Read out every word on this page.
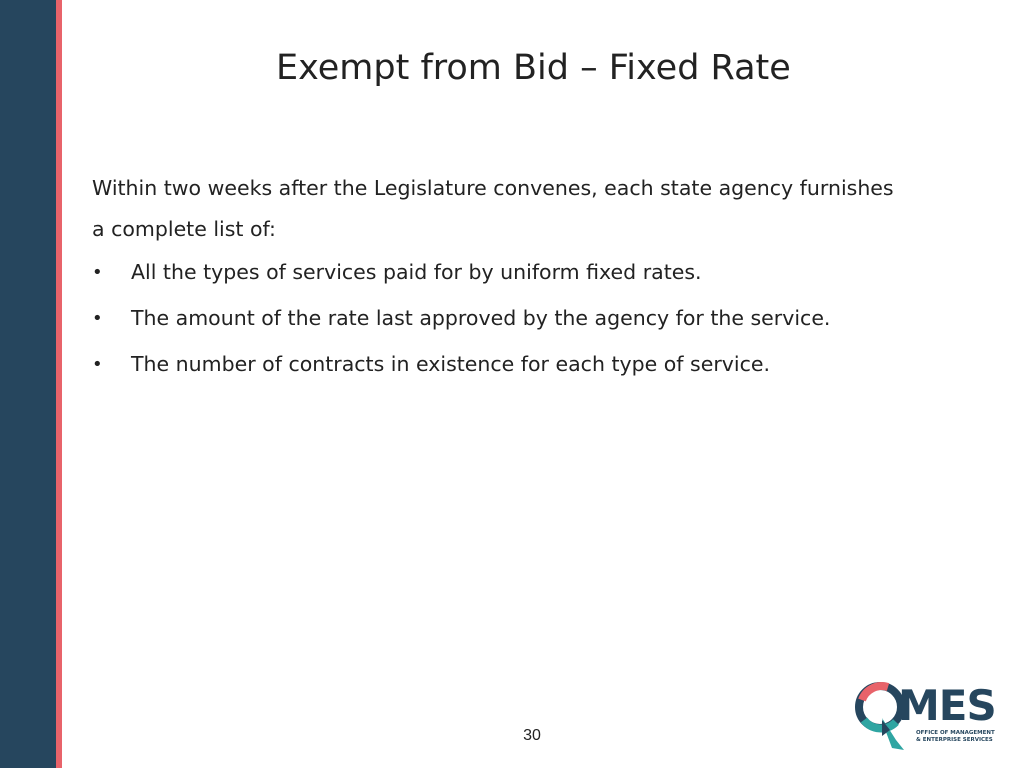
Exempt from Bid – Fixed Rate
Within two weeks after the Legislature convenes, each state agency furnishes a complete list of:
•	All the types of services paid for by uniform fixed rates.
•	The amount of the rate last approved by the agency for the service.
•	The number of contracts in existence for each type of service.
30
MES
OFFICE OF MANAGEMENT
& ENTERPRISE SERVICES
